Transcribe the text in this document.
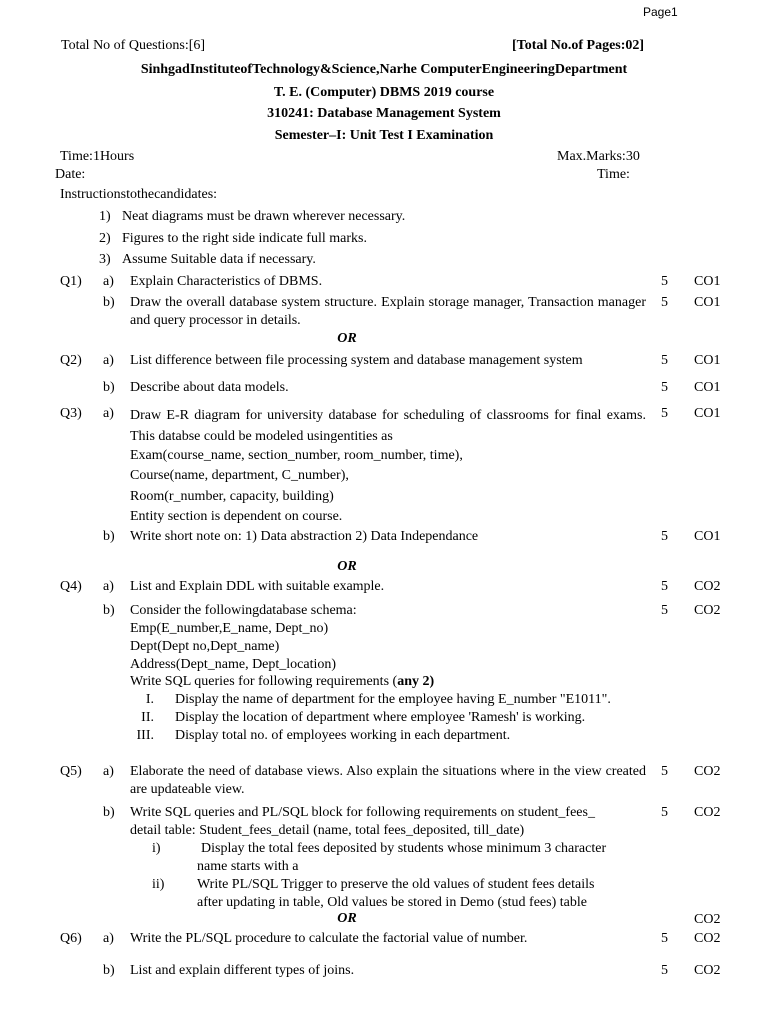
Page1
Total No of Questions:[6]	[Total No.of Pages:02]
SinhgadInstituteofTechnology&Science,Narhe ComputerEngineeringDepartment
T. E. (Computer) DBMS 2019 course
310241: Database Management System
Semester–I: Unit Test I Examination
Time:1Hours	Max.Marks:30
Date:	Time:
Instructionstothecandidates:
1) Neat diagrams must be drawn wherever necessary.
2) Figures to the right side indicate full marks.
3) Assume Suitable data if necessary.
Q1) a) Explain Characteristics of DBMS.	5 CO1
b) Draw the overall database system structure. Explain storage manager, Transaction manager and query processor in details.
5 CO1
OR
Q2) a) List difference between file processing system and database management system	5 CO1
b) Describe about data models.	5 CO1
Q3) a) Draw E-R diagram for university database for scheduling of classrooms for final exams. This databse could be modeled usingentities as
5 CO1
Exam(course_name, section_number, room_number, time),
Course(name, department, C_number),
Room(r_number, capacity, building)
Entity section is dependent on course.
b) Write short note on: 1) Data abstraction 2) Data Independance	5 CO1
OR
Q4) a) List and Explain DDL with suitable example.	5 CO2
b) Consider the followingdatabase schema:	5 CO2
Emp(E_number,E_name, Dept_no)
Dept(Dept no,Dept_name)
Address(Dept_name, Dept_location)
Write SQL queries for following requirements (any 2)
I. Display the name of department for the employee having E_number "E1011".
II. Display the location of department where employee 'Ramesh' is working.
III. Display total no. of employees working in each department.
Q5) a) Elaborate the need of database views. Also explain the situations where in the view created are updateable view.
5 CO2
b) Write SQL queries and PL/SQL block for following requirements on student_fees_	5 CO2
detail table: Student_fees_detail (name, total fees_deposited, till_date)
i)	Display the total fees deposited by students whose minimum 3 character
name starts with a
ii) Write PL/SQL Trigger to preserve the old values of student fees details
after updating in table, Old values be stored in Demo (stud fees) table
OR	CO2
Q6) a) Write the PL/SQL procedure to calculate the factorial value of number.	5 CO2
b) List and explain different types of joins.	5 CO2
